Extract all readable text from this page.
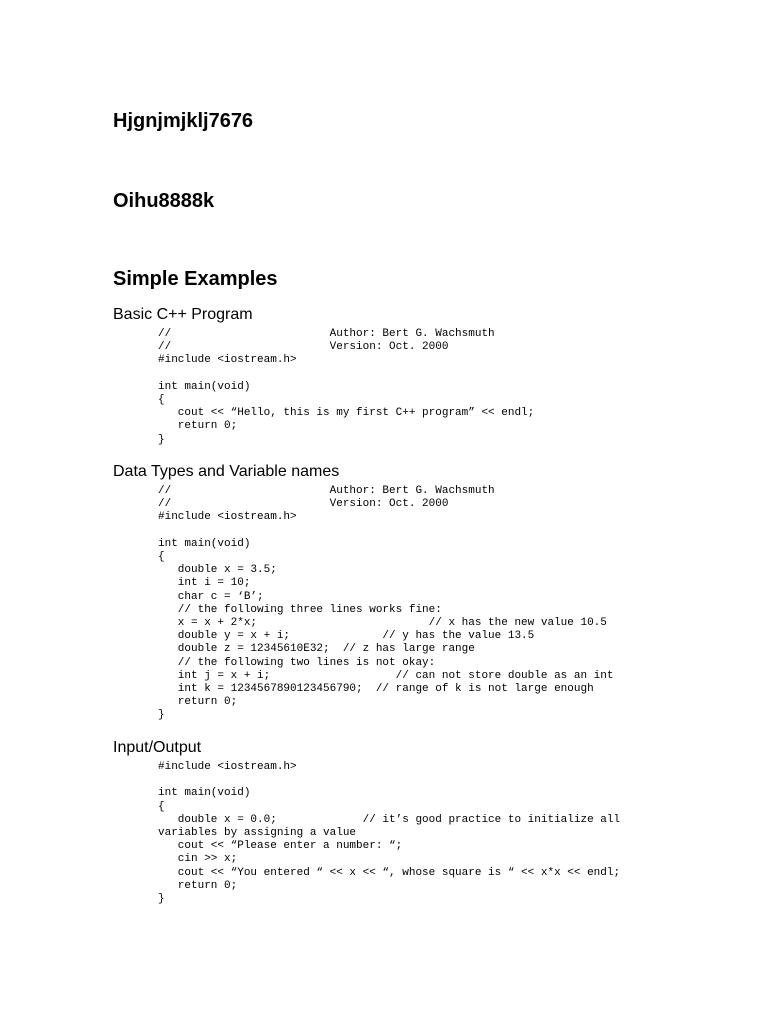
Hjgnjmjklj7676
Oihu8888k
Simple Examples
Basic C++ Program
//                        Author: Bert G. Wachsmuth
//                        Version: Oct. 2000
#include <iostream.h>

int main(void)
{
cout << “Hello, this is my first C++ program” << endl;
return 0;
}
Data Types and Variable names
//                        Author: Bert G. Wachsmuth
//                        Version: Oct. 2000
#include <iostream.h>

int main(void)
{
double x = 3.5;
int i = 10;
char c = ‘B’;
// the following three lines works fine:
x = x + 2*x;                          // x has the new value 10.5
double y = x + i;              // y has the value 13.5
double z = 12345610E32;  // z has large range
// the following two lines is not okay:
int j = x + i;                   // can not store double as an int
int k = 1234567890123456790;  // range of k is not large enough
return 0;
}
Input/Output
#include <iostream.h>

int main(void)
{
double x = 0.0;             // it’s good practice to initialize all
variables by assigning a value
cout << “Please enter a number: “;
cin >> x;
cout << “You entered “ << x << “, whose square is “ << x*x << endl;
return 0;
}
